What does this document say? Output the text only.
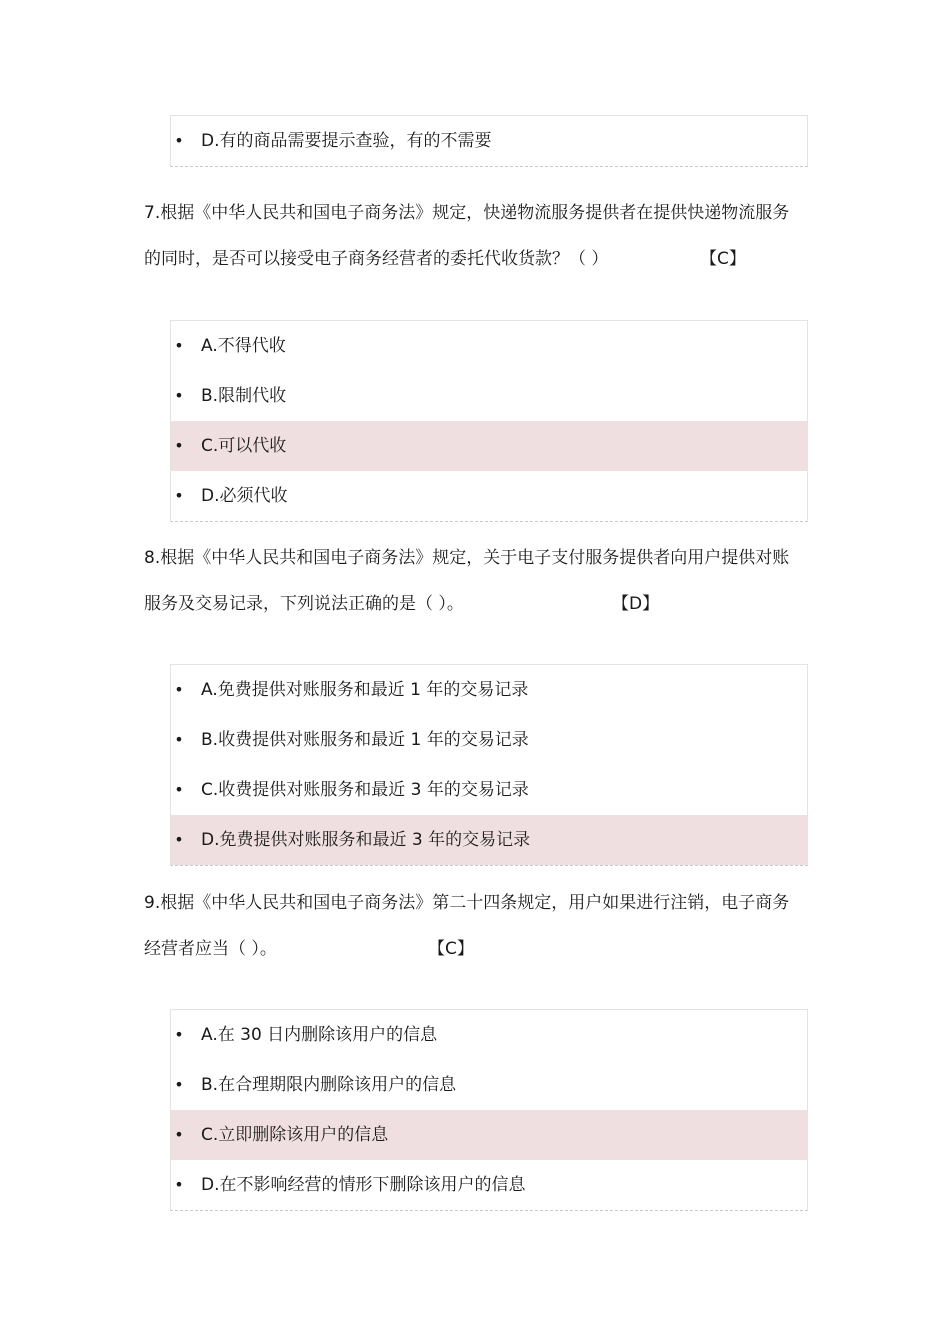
• D.有的商品需要提示查验，有的不需要
7.根据《中华人民共和国电子商务法》规定，快递物流服务提供者在提供快递物流服务
的同时，是否可以接受电子商务经营者的委托代收货款？（ ）	【C】
• A.不得代收
• B.限制代收
• C.可以代收
• D.必须代收
8.根据《中华人民共和国电子商务法》规定，关于电子支付服务提供者向用户提供对账
服务及交易记录，下列说法正确的是（ ）。	【D】
• A.免费提供对账服务和最近 1 年的交易记录
• B.收费提供对账服务和最近 1 年的交易记录
• C.收费提供对账服务和最近 3 年的交易记录
• D.免费提供对账服务和最近 3 年的交易记录
9.根据《中华人民共和国电子商务法》第二十四条规定，用户如果进行注销，电子商务
经营者应当（ ）。	【C】
• A.在 30 日内删除该用户的信息
• B.在合理期限内删除该用户的信息
• C.立即删除该用户的信息
• D.在不影响经营的情形下删除该用户的信息
